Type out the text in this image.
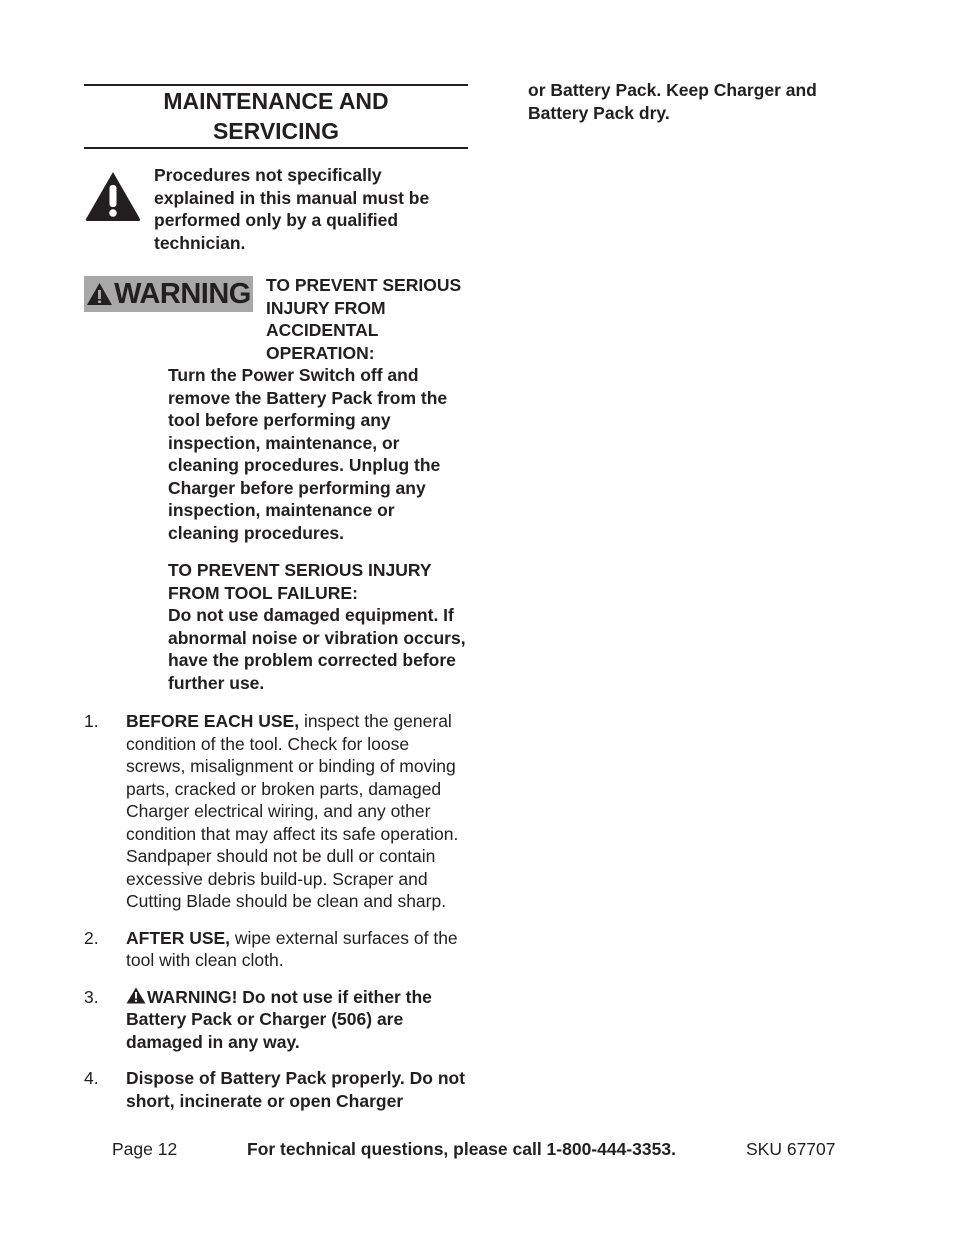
MAINTENANCE AND
SERVICING
Procedures not specifically explained in this manual must be performed only by a qualified technician.
WARNING TO PREVENT SERIOUS INJURY FROM ACCIDENTAL OPERATION:
Turn the Power Switch off and remove the Battery Pack from the tool before performing any inspection, maintenance, or cleaning procedures. Unplug the Charger before performing any inspection, maintenance or cleaning procedures.
TO PREVENT SERIOUS INJURY FROM TOOL FAILURE:
Do not use damaged equipment. If abnormal noise or vibration occurs, have the problem corrected before further use.
1. BEFORE EACH USE, inspect the general condition of the tool. Check for loose screws, misalignment or binding of moving parts, cracked or broken parts, damaged Charger electrical wiring, and any other condition that may affect its safe operation. Sandpaper should not be dull or contain excessive debris build-up. Scraper and Cutting Blade should be clean and sharp.
2. AFTER USE, wipe external surfaces of the tool with clean cloth.
3.	WARNING! Do not use if either the Battery Pack or Charger (506) are damaged in any way.
4. Dispose of Battery Pack properly. Do not short, incinerate or open Charger
or Battery Pack. Keep Charger and Battery Pack dry.
Page 12	For technical questions, please call 1-800-444-3353.	SKU 67707
